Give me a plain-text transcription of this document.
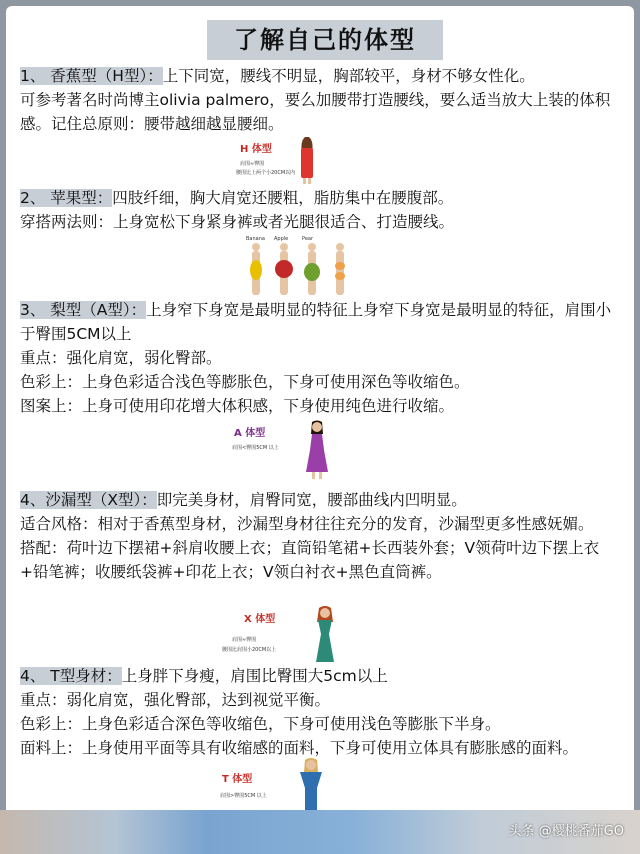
了解自己的体型

1、 香蕉型（H型）：上下同宽，腰线不明显，胸部较平，身材不够女性化。
可参考著名时尚博主olivia palmero，要么加腰带打造腰线，要么适当放大上装的体积感。记住总原则：腰带越细越显腰细。

H 体型
肩围≈臀围
腰围比上两个小20CM以内

2、 苹果型：四肢纤细，胸大肩宽还腰粗，脂肪集中在腰腹部。
穿搭两法则：上身宽松下身紧身裤或者光腿很适合、打造腰线。

Banana Apple	Pear

3、 梨型（A型）：上身窄下身宽是最明显的特征上身窄下身宽是最明显的特征，肩围小于臀围5CM以上
重点：强化肩宽，弱化臀部。
色彩上：上身色彩适合浅色等膨胀色，下身可使用深色等收缩色。
图案上：上身可使用印花增大体积感，下身使用纯色进行收缩。

A 体型
肩围<臀围5CM 以上

4、沙漏型（X型）：即完美身材，肩臀同宽，腰部曲线内凹明显。
适合风格：相对于香蕉型身材，沙漏型身材往往充分的发育，沙漏型更多性感妩媚。
搭配：荷叶边下摆裙+斜肩收腰上衣；直筒铅笔裙+长西装外套；V领荷叶边下摆上衣+铅笔裤；收腰纸袋裤+印花上衣；V领白衬衣+黑色直筒裤。

X 体型
肩围≈臀围
腰围比肩围小20CM以上

4、 T型身材：上身胖下身瘦，肩围比臀围大5cm以上
重点：弱化肩宽，强化臀部，达到视觉平衡。
色彩上：上身色彩适合深色等收缩色，下身可使用浅色等膨胀下半身。
面料上：上身使用平面等具有收缩感的面料，下身可使用立体具有膨胀感的面料。

T 体型
肩围>臀围5CM 以上
头条 @樱桃番茄GO
